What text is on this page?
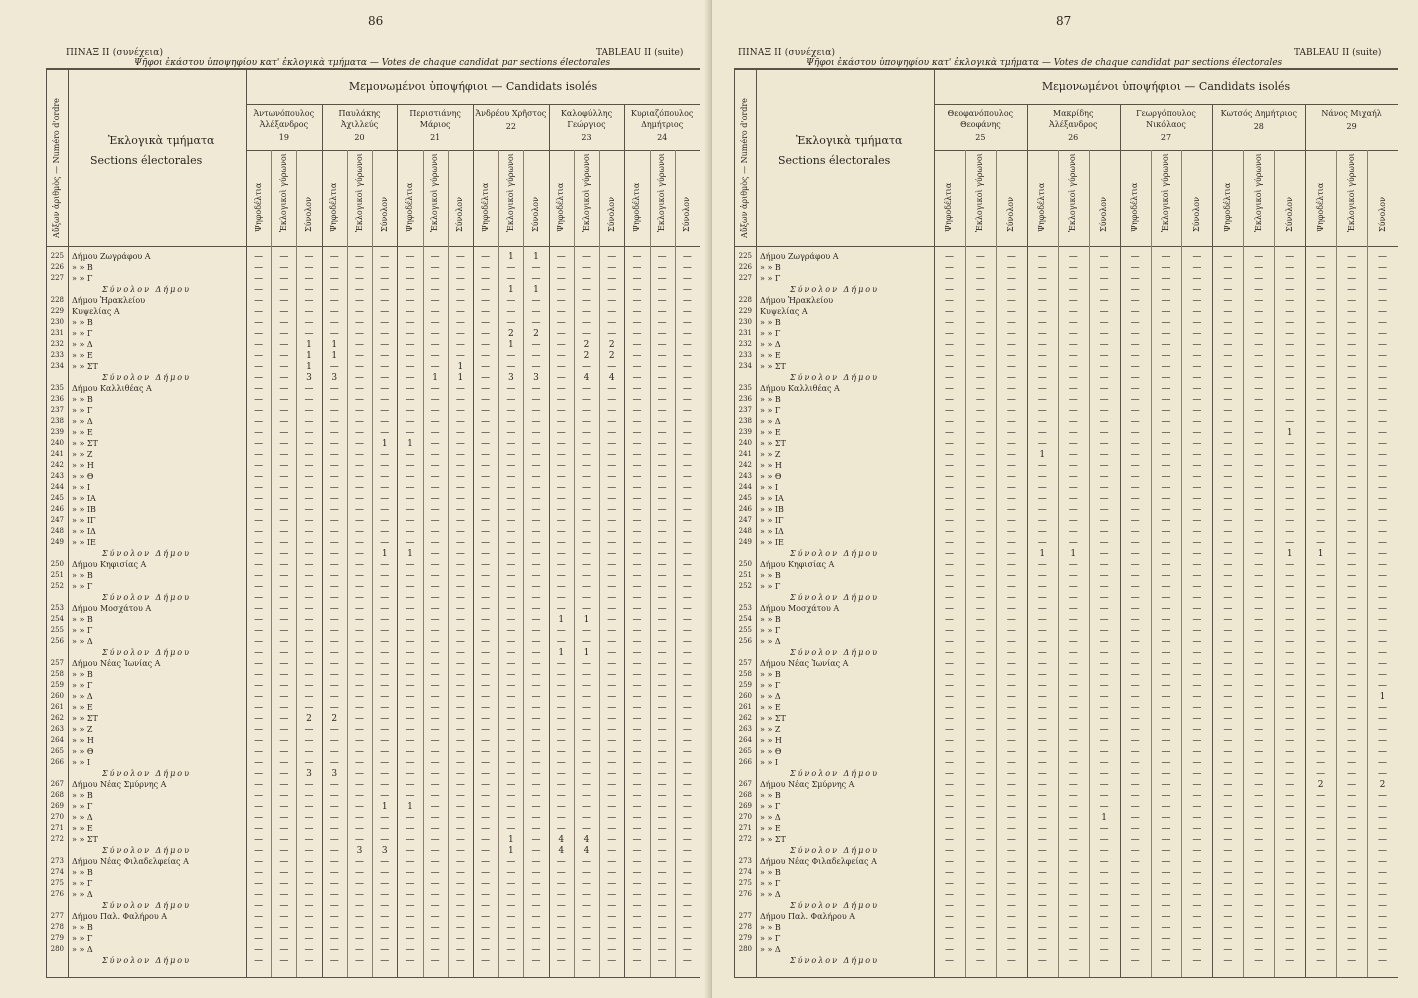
86
ΠΙΝΑΞ II (συνέχεια)	TABLEAU II (suite)
Ψῆφοι ἑκάστου ὑποψηφίου κατ' ἐκλογικὰ τμήματα — Votes de chaque candidat par sections électorales
Αὔξων ἀριθμὸς — Numéro d'ordre
Μεμονωμένοι ὑποψήφιοι — Candidats isolés
Ἐκλογικὰ τμήματα
Sections électorales
Ἀντωνόπουλος Ἀλέξανδρος
19
Ψηφοδέλτια Ἐκλογικοὶ γύρωνοι Σύνολον
Παυλάκης Ἀχιλλεύς
20
Ψηφοδέλτια Ἐκλογικοὶ γύρωνοι Σύνολον
Περιστιάνης Μάριος
21
Ψηφοδέλτια Ἐκλογικοὶ γύρωνοι Σύνολον
Ἀνδρέου Χρῆστος
22
Ψηφοδέλτια Ἐκλογικοὶ γύρωνοι Σύνολον
Καλοφύλλης Γεώργιος
23
Ψηφοδέλτια Ἐκλογικοὶ γύρωνοι Σύνολον
Κυριαζόπουλος Δημήτριος
24
Ψηφοδέλτια Ἐκλογικοὶ γύρωνοι Σύνολον
225 Δήμου Ζωγράφου Α	— — — — — — — — — —	1	1	— — — — — —
226 » » Β	— — — — — — — — — — — — — — — — — —
227 » » Γ	— — — — — — — — — — — — — — — — — —
Σύνολον Δήμου	— — — — — — — — — —	1	1	— — — — — —
228 Δήμου Ἡρακλείου	— — — — — — — — — — — — — — — — — —
229 Κυψελίας Α	— — — — — — — — — — — — — — — — — —
230 » » Β	— — — — — — — — — — — — — — — — — —
231 » » Γ	— — — — — — — — — —	2	2	— — — — — —
232 » » Δ	— —	1	1	— — — — — —	1	— —	2	2	— — —
233 » » Ε	— —	1	1	— — — — — — — — —	2	2	— — —
234 » » ΣΤ	— —	1	— — — — —	1	— — — — — — — — —
Σύνολον Δήμου	— —	3	3	— — —	1	1	—	3	3	—	4	4	— — —
235 Δήμου Καλλιθέας Α	— — — — — — — — — — — — — — — — — —
236 » » Β	— — — — — — — — — — — — — — — — — —
237 » » Γ	— — — — — — — — — — — — — — — — — —
238 » » Δ	— — — — — — — — — — — — — — — — — —
239 » » Ε	— — — — — — — — — — — — — — — — — —
240 » » ΣΤ	— — — — —	1	1	— — — — — — — — — — —
241 » » Ζ	— — — — — — — — — — — — — — — — — —
242 » » Η	— — — — — — — — — — — — — — — — — —
243 » » Θ	— — — — — — — — — — — — — — — — — —
244 » » Ι	— — — — — — — — — — — — — — — — — —
245 » » ΙΑ	— — — — — — — — — — — — — — — — — —
246 » » ΙΒ	— — — — — — — — — — — — — — — — — —
247 » » ΙΓ	— — — — — — — — — — — — — — — — — —
248 » » ΙΔ	— — — — — — — — — — — — — — — — — —
249 » » ΙΕ	— — — — — — — — — — — — — — — — — —
Σύνολον Δήμου	— — — — —	1	1	— — — — — — — — — — —
250 Δήμου Κηφισίας Α	— — — — — — — — — — — — — — — — — —
251 » » Β	— — — — — — — — — — — — — — — — — —
252 » » Γ	— — — — — — — — — — — — — — — — — —
Σύνολον Δήμου	— — — — — — — — — — — — — — — — — —
253 Δήμου Μοσχάτου Α	— — — — — — — — — — — — — — — — — —
254 » » Β	— — — — — — — — — — — —	1	1	— — — —
255 » » Γ	— — — — — — — — — — — — — — — — — —
256 » » Δ	— — — — — — — — — — — — — — — — — —
Σύνολον Δήμου	— — — — — — — — — — — —	1	1	— — — —
257 Δήμου Νέας Ἰωνίας Α	— — — — — — — — — — — — — — — — — —
258 » » Β	— — — — — — — — — — — — — — — — — —
259 » » Γ	— — — — — — — — — — — — — — — — — —
260 » » Δ	— — — — — — — — — — — — — — — — — —
261 » » Ε	— — — — — — — — — — — — — — — — — —
262 » » ΣΤ	— —	2	2	— — — — — — — — — — — — — —
263 » » Ζ	— — — — — — — — — — — — — — — — — —
264 » » Η	— — — — — — — — — — — — — — — — — —
265 » » Θ	— — — — — — — — — — — — — — — — — —
266 » » Ι	— — — — — — — — — — — — — — — — — —
Σύνολον Δήμου	— —	3	3	— — — — — — — — — — — — — —
267 Δήμου Νέας Σμύρνης Α	— — — — — — — — — — — — — — — — — —
268 » » Β	— — — — — — — — — — — — — — — — — —
269 » » Γ	— — — — —	1	1	— — — — — — — — — — —
270 » » Δ	— — — — — — — — — — — — — — — — — —
271 » » Ε	— — — — — — — — — — — — — — — — — —
272 » » ΣΤ	— — — — — — — — — —	1	—	4	4	— — — —
Σύνολον Δήμου	— — — —	3	3	— — — —	1	—	4	4	— — — —
273 Δήμου Νέας Φιλαδελφείας Α	— — — — — — — — — — — — — — — — — —
274 » » Β	— — — — — — — — — — — — — — — — — —
275 » » Γ	— — — — — — — — — — — — — — — — — —
276 » » Δ	— — — — — — — — — — — — — — — — — —
Σύνολον Δήμου	— — — — — — — — — — — — — — — — — —
277 Δήμου Παλ. Φαλήρου Α	— — — — — — — — — — — — — — — — — —
278 » » Β	— — — — — — — — — — — — — — — — — —
279 » » Γ	— — — — — — — — — — — — — — — — — —
280 » » Δ	— — — — — — — — — — — — — — — — — —
Σύνολον Δήμου	— — — — — — — — — — — — — — — — — —
87
ΠΙΝΑΞ II (συνέχεια)	TABLEAU II (suite)
Ψῆφοι ἑκάστου ὑποψηφίου κατ' ἐκλογικὰ τμήματα — Votes de chaque candidat par sections électorales
Αὔξων ἀριθμὸς — Numéro d'ordre
Μεμονωμένοι ὑποψήφιοι — Candidats isolés
Ἐκλογικὰ τμήματα
Sections électorales
Θεοφανόπουλος Θεοφάνης
25
Ψηφοδέλτια	Ἐκλογικοὶ γύρωνοι	Σύνολον
Μακρίδης Ἀλέξανδρος
26
Ψηφοδέλτια	Ἐκλογικοὶ γύρωνοι	Σύνολον
Γεωργόπουλος Νικόλαος
27
Ψηφοδέλτια	Ἐκλογικοὶ γύρωνοι	Σύνολον
Κωτσός Δημήτριος
28
Ψηφοδέλτια	Ἐκλογικοὶ γύρωνοι	Σύνολον
Νάνος Μιχαήλ
29
Ψηφοδέλτια	Ἐκλογικοὶ γύρωνοι	Σύνολον
225 Δήμου Ζωγράφου Α	— — — — — — — — — — — — — — —
226 » » Β	— — — — — — — — — — — — — — —
227 » » Γ	— — — — — — — — — — — — — — —
Σύνολον Δήμου	— — — — — — — — — — — — — — —
228 Δήμου Ἡρακλείου	— — — — — — — — — — — — — — —
229 Κυψελίας Α	— — — — — — — — — — — — — — —
230 » » Β	— — — — — — — — — — — — — — —
231 » » Γ	— — — — — — — — — — — — — — —
232 » » Δ	— — — — — — — — — — — — — — —
233 » » Ε	— — — — — — — — — — — — — — —
234 » » ΣΤ	— — — — — — — — — — — — — — —
Σύνολον Δήμου	— — — — — — — — — — — — — — —
235 Δήμου Καλλιθέας Α	— — — — — — — — — — — — — — —
236 » » Β	— — — — — — — — — — — — — — —
237 » » Γ	— — — — — — — — — — — — — — —
238 » » Δ	— — — — — — — — — — — — — — —
239 » » Ε	— — — — — — — — — — —	1	— — —
240 » » ΣΤ	— — — — — — — — — — — — — — —
241 » » Ζ	— — —	1	— — — — — — — — — — —
242 » » Η	— — — — — — — — — — — — — — —
243 » » Θ	— — — — — — — — — — — — — — —
244 » » Ι	— — — — — — — — — — — — — — —
245 » » ΙΑ	— — — — — — — — — — — — — — —
246 » » ΙΒ	— — — — — — — — — — — — — — —
247 » » ΙΓ	— — — — — — — — — — — — — — —
248 » » ΙΔ	— — — — — — — — — — — — — — —
249 » » ΙΕ	— — — — — — — — — — — — — — —
Σύνολον Δήμου	— — —	1	1	— — — — — —	1	1	— —
250 Δήμου Κηφισίας Α	— — — — — — — — — — — — — — —
251 » » Β	— — — — — — — — — — — — — — —
252 » » Γ	— — — — — — — — — — — — — — —
Σύνολον Δήμου	— — — — — — — — — — — — — — —
253 Δήμου Μοσχάτου Α	— — — — — — — — — — — — — — —
254 » » Β	— — — — — — — — — — — — — — —
255 » » Γ	— — — — — — — — — — — — — — —
256 » » Δ	— — — — — — — — — — — — — — —
Σύνολον Δήμου	— — — — — — — — — — — — — — —
257 Δήμου Νέας Ἰωνίας Α	— — — — — — — — — — — — — — —
258 » » Β	— — — — — — — — — — — — — — —
259 » » Γ	— — — — — — — — — — — — — — —
260 » » Δ	— — — — — — — — — — — — — —	1
261 » » Ε	— — — — — — — — — — — — — — —
262 » » ΣΤ	— — — — — — — — — — — — — — —
263 » » Ζ	— — — — — — — — — — — — — — —
264 » » Η	— — — — — — — — — — — — — — —
265 » » Θ	— — — — — — — — — — — — — — —
266 » » Ι	— — — — — — — — — — — — — — —
Σύνολον Δήμου	— — — — — — — — — — — — — — —
267 Δήμου Νέας Σμύρνης Α	— — — — — — — — — — — —	2	—	2
268 » » Β	— — — — — — — — — — — — — — —
269 » » Γ	— — — — — — — — — — — — — — —
270 » » Δ	— — — — —	1	— — — — — — — — —
271 » » Ε	— — — — — — — — — — — — — — —
272 » » ΣΤ	— — — — — — — — — — — — — — —
Σύνολον Δήμου	— — — — — — — — — — — — — — —
273 Δήμου Νέας Φιλαδελφείας Α	— — — — — — — — — — — — — — —
274 » » Β	— — — — — — — — — — — — — — —
275 » » Γ	— — — — — — — — — — — — — — —
276 » » Δ	— — — — — — — — — — — — — — —
Σύνολον Δήμου	— — — — — — — — — — — — — — —
277 Δήμου Παλ. Φαλήρου Α	— — — — — — — — — — — — — — —
278 » » Β	— — — — — — — — — — — — — — —
279 » » Γ	— — — — — — — — — — — — — — —
280 » » Δ	— — — — — — — — — — — — — — —
Σύνολον Δήμου	— — — — — — — — — — — — — — —
